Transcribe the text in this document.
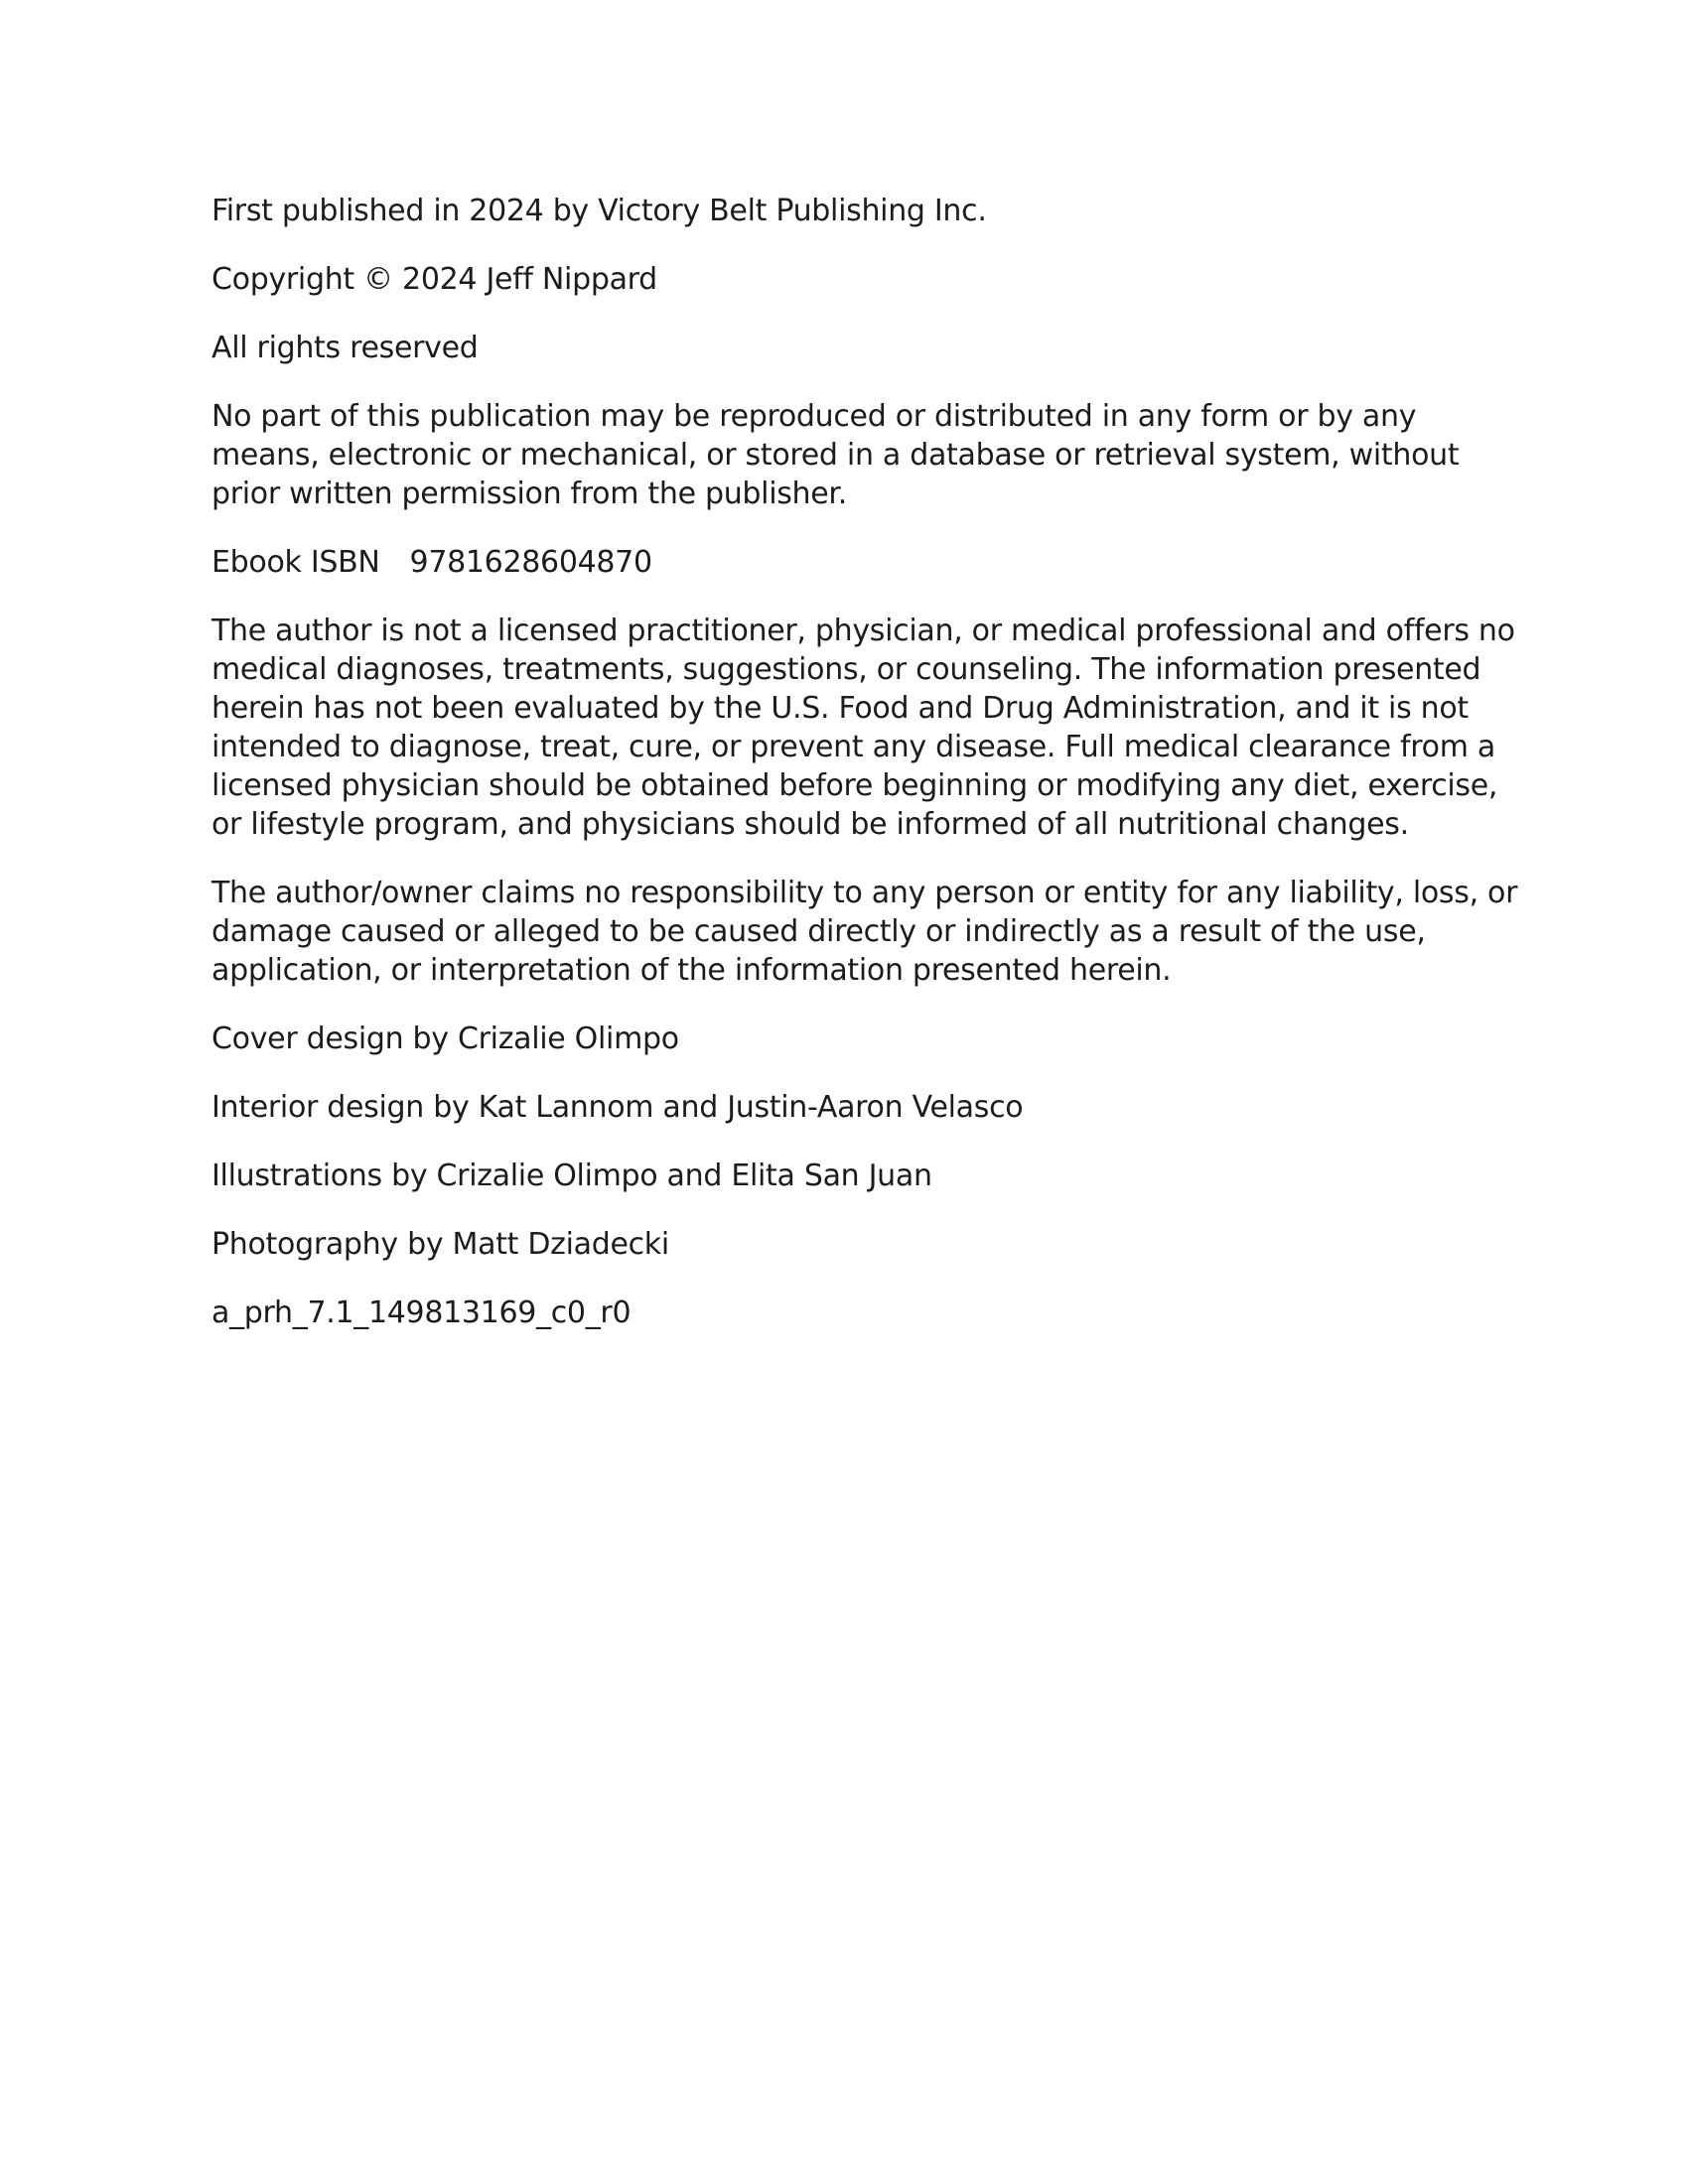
First published in 2024 by Victory Belt Publishing Inc.

Copyright © 2024 Jeff Nippard

All rights reserved

No part of this publication may be reproduced or distributed in any form or by any
means, electronic or mechanical, or stored in a database or retrieval system, without
prior written permission from the publisher.

Ebook ISBN 9781628604870

The author is not a licensed practitioner, physician, or medical professional and offers no
medical diagnoses, treatments, suggestions, or counseling. The information presented
herein has not been evaluated by the U.S. Food and Drug Administration, and it is not
intended to diagnose, treat, cure, or prevent any disease. Full medical clearance from a
licensed physician should be obtained before beginning or modifying any diet, exercise,
or lifestyle program, and physicians should be informed of all nutritional changes.

The author/owner claims no responsibility to any person or entity for any liability, loss, or
damage caused or alleged to be caused directly or indirectly as a result of the use,
application, or interpretation of the information presented herein.

Cover design by Crizalie Olimpo

Interior design by Kat Lannom and Justin-Aaron Velasco

Illustrations by Crizalie Olimpo and Elita San Juan

Photography by Matt Dziadecki

a_prh_7.1_149813169_c0_r0
